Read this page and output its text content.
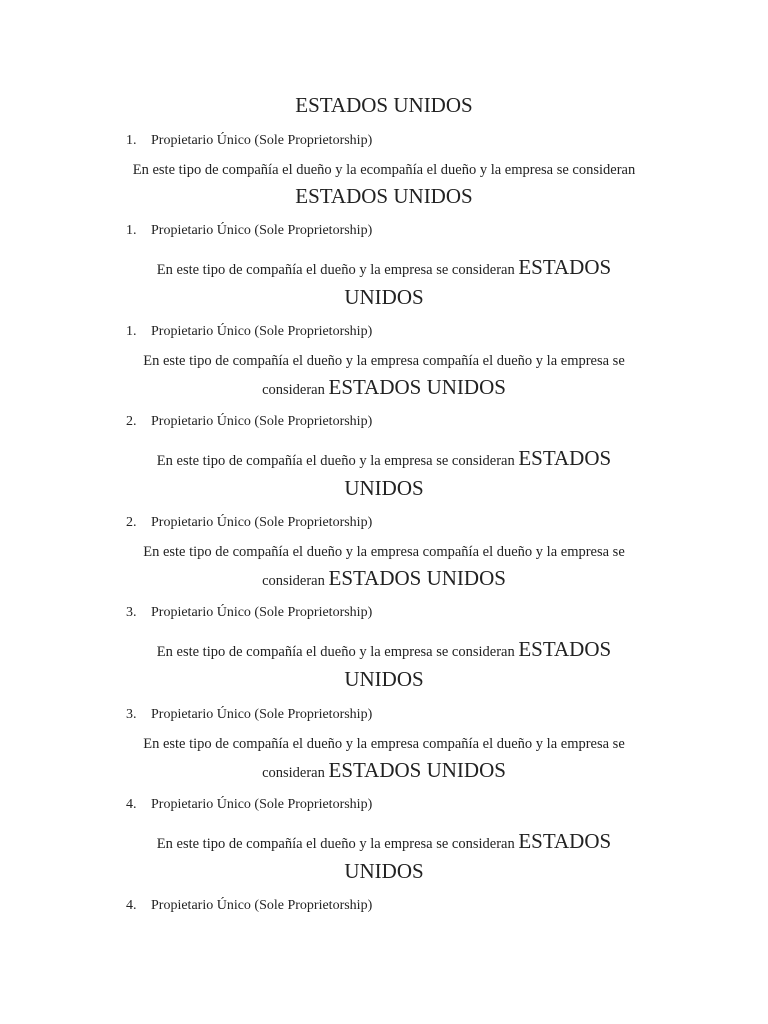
ESTADOS UNIDOS
1. Propietario Único (Sole Proprietorship)
En este tipo de compañía el dueño y la ecompañía el dueño y la empresa se consideran
ESTADOS UNIDOS
1. Propietario Único (Sole Proprietorship)
En este tipo de compañía el dueño y la empresa se consideran ESTADOS
UNIDOS
1. Propietario Único (Sole Proprietorship)
En este tipo de compañía el dueño y la empresa compañía el dueño y la empresa se
consideran ESTADOS UNIDOS
2. Propietario Único (Sole Proprietorship)
En este tipo de compañía el dueño y la empresa se consideran ESTADOS
UNIDOS
2. Propietario Único (Sole Proprietorship)
En este tipo de compañía el dueño y la empresa compañía el dueño y la empresa se
consideran ESTADOS UNIDOS
3. Propietario Único (Sole Proprietorship)
En este tipo de compañía el dueño y la empresa se consideran ESTADOS
UNIDOS
3. Propietario Único (Sole Proprietorship)
En este tipo de compañía el dueño y la empresa compañía el dueño y la empresa se
consideran ESTADOS UNIDOS
4. Propietario Único (Sole Proprietorship)
En este tipo de compañía el dueño y la empresa se consideran ESTADOS
UNIDOS
4. Propietario Único (Sole Proprietorship)
